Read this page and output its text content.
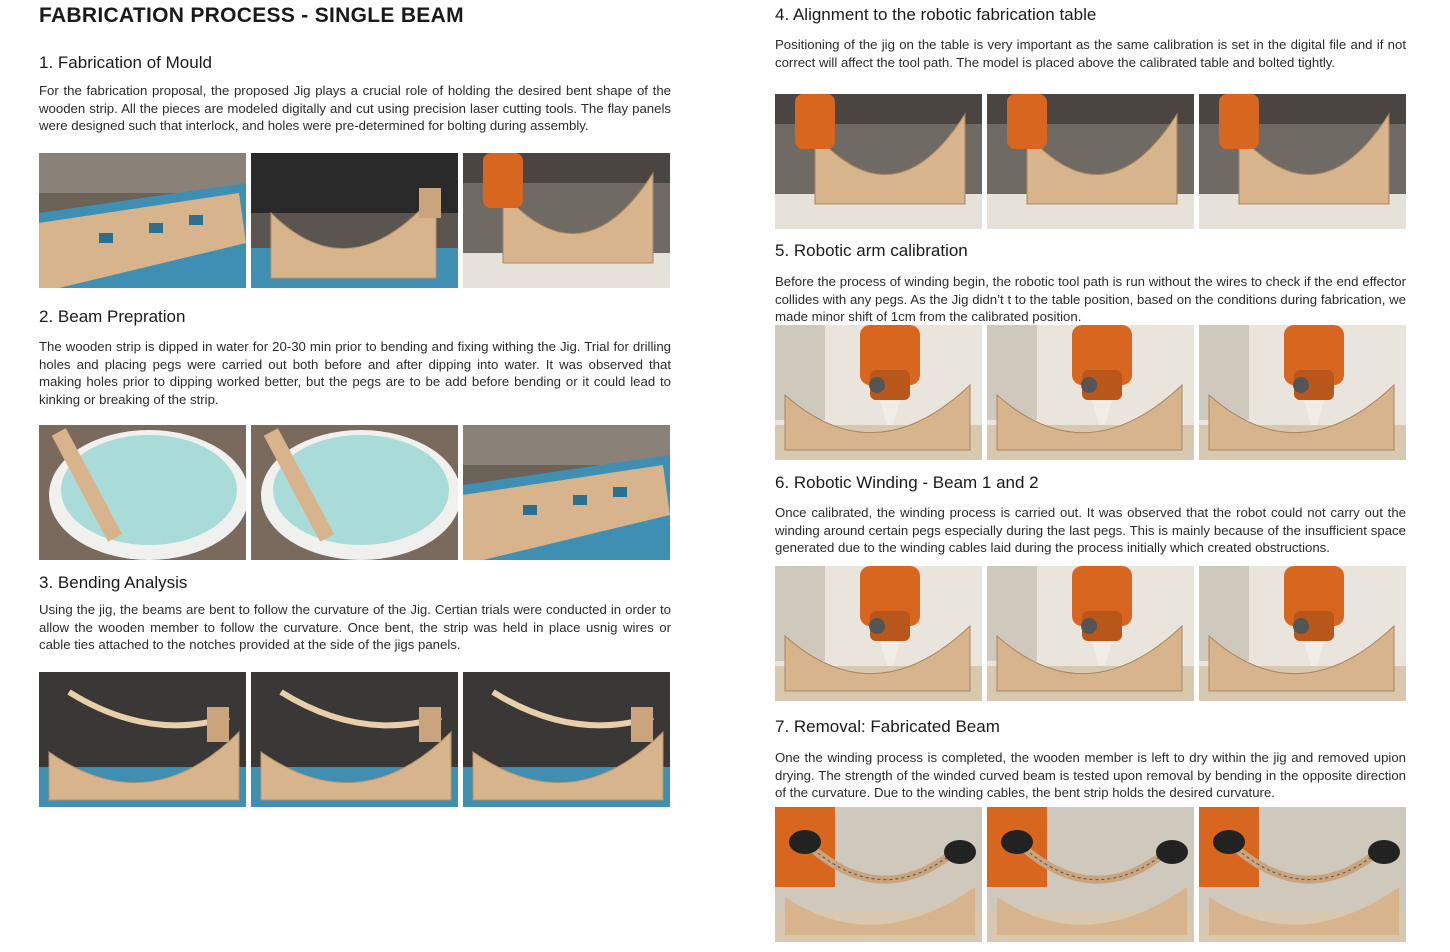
FABRICATION PROCESS - SINGLE BEAM
1. Fabrication of Mould

For the fabrication proposal, the proposed Jig plays a crucial role of holding the desired bent shape of the wooden strip. All the pieces are modeled digitally and cut using precision laser cutting tools. The flay panels were designed such that interlock, and holes were pre-determined for bolting during assembly.

2. Beam Prepration

The wooden strip is dipped in water for 20-30 min prior to bending and fixing withing the Jig. Trial for drilling holes and placing pegs were carried out both before and after dipping into water. It was observed that making holes prior to dipping worked better, but the pegs are to be add before bending or it could lead to kinking or breaking of the strip.

3. Bending Analysis

Using the jig, the beams are bent to follow the curvature of the Jig. Certian trials were conducted in order to allow the wooden member to follow the curvature. Once bent, the strip was held in place usnig wires or cable ties attached to the notches provided at the side of the jigs panels.

4. Alignment to the robotic fabrication table

Positioning of the jig on the table is very important as the same calibration is set in the digital file and if not correct will affect the tool path. The model is placed above the calibrated table and bolted tightly.

5. Robotic arm calibration

Before the process of winding begin, the robotic tool path is run without the wires to check if the end effector collides with any pegs. As the Jig didn’t t to the table position, based on the conditions during fabrication, we made minor shift of 1cm from the calibrated position.

6. Robotic Winding - Beam 1 and 2

Once calibrated, the winding process is carried out. It was observed that the robot could not carry out the winding around certain pegs especially during the last pegs. This is mainly because of the insufficient space generated due to the winding cables laid during the process initially which created obstructions.

7. Removal: Fabricated Beam

One the winding process is completed, the wooden member is left to dry within the jig and removed upion drying. The strength of the winded curved beam is tested upon removal by bending in the opposite direction of the curvature. Due to the winding cables, the bent strip holds the desired curvature.
